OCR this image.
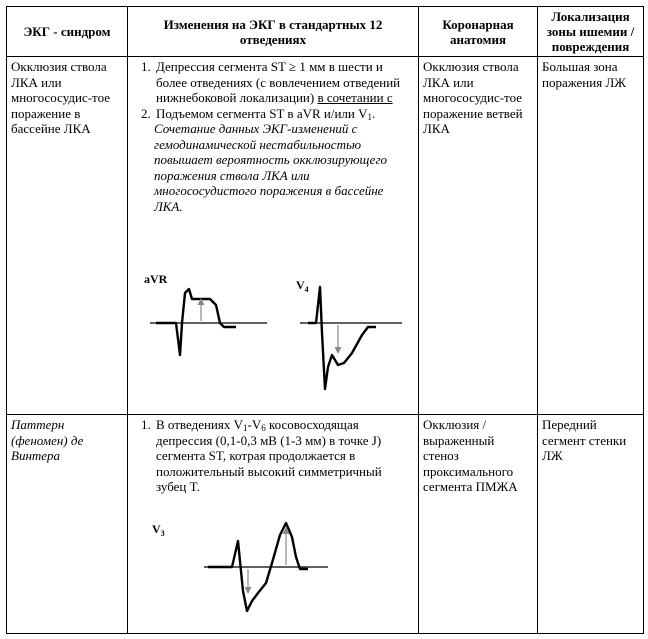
ЭКГ - синдром	Изменения на ЭКГ в стандартных 12 отведениях
Коронарная анатомия
Локализация зоны ишемии / повреждения
Окклюзия ствола ЛКА или многососудис-тое поражение в бассейне ЛКА
1. Депрессия сегмента ST ≥ 1 мм в шести и более отведениях (с вовлечением отведений нижнебоковой локализации) в сочетании с
2. Подъемом сегмента ST в aVR и/или $V_1$.
Сочетание данных ЭКГ-изменений с гемодинамической нестабильностью повышает вероятность окклюзирующего поражения ствола ЛКА или многососудистого поражения в бассейне ЛКА.
aVR	$V_4$
Окклюзия ствола ЛКА или многососудис-тое поражение ветвей ЛКА
Большая зона поражения ЛЖ
Паттерн (феномен) де Винтера
1. В отведениях $V_1-V_6$ косовосходящая депрессия (0,1-0,3 мВ (1-3 мм) в точке J) сегмента ST, котрая продолжается в положительный высокий симметричный зубец T.
$V_3$
Окклюзия / выраженный стеноз проксимального сегмента ПМЖА
Передний сегмент стенки ЛЖ
